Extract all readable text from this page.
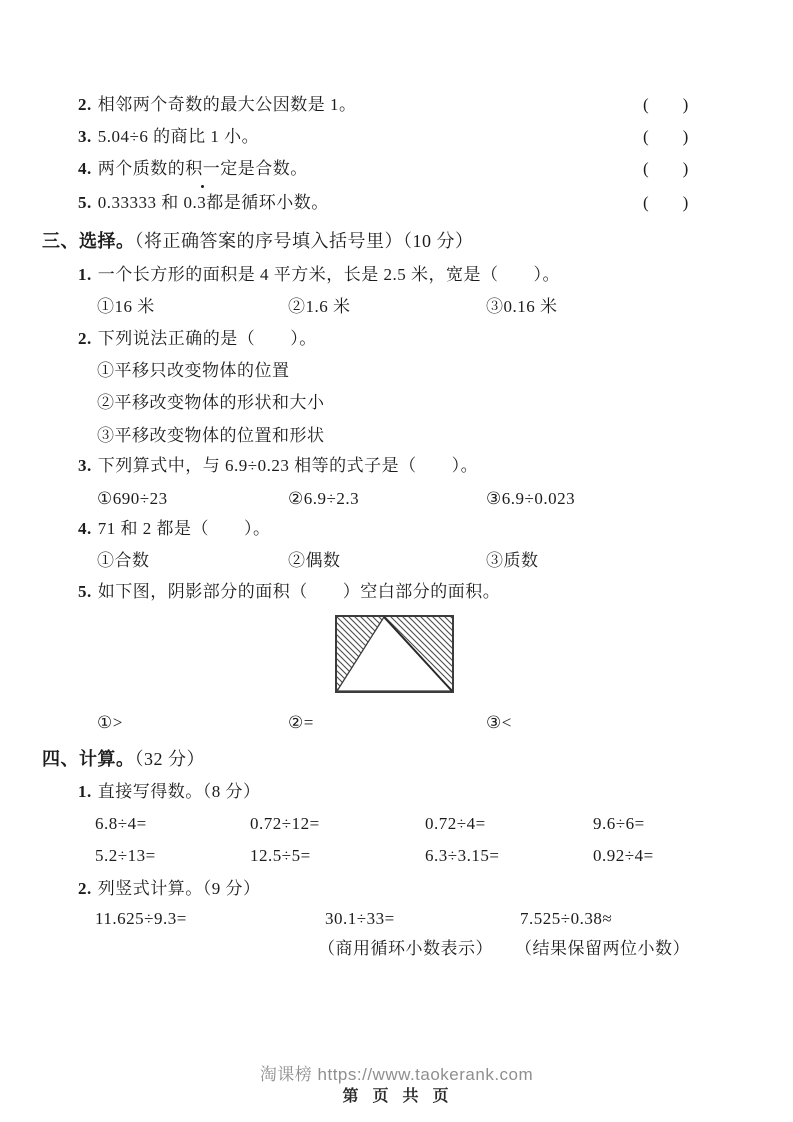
2. 相邻两个奇数的最大公因数是 1。	(        )
3. 5.04÷6 的商比 1 小。	(        )
4. 两个质数的积一定是合数。	(        )
5. 0.33333 和 0.
3都是循环小数。	(        )
三、选择。（将正确答案的序号填入括号里）（10 分）
1. 一个长方形的面积是 4 平方米，长是 2.5 米，宽是（　　）。
①16 米	②1.6 米	③0.16 米
2. 下列说法正确的是（　　）。
①平移只改变物体的位置
②平移改变物体的形状和大小
③平移改变物体的位置和形状
3. 下列算式中，与 6.9÷0.23 相等的式子是（　　）。
①690÷23	②6.9÷2.3	③6.9÷0.023
4. 71 和 2 都是（　　）。
①合数	②偶数	③质数
5. 如下图，阴影部分的面积（　　）空白部分的面积。
①>	②=	③<
四、计算。（32 分）
1. 直接写得数。（8 分）
6.8÷4=	0.72÷12=	0.72÷4=	9.6÷6=
5.2÷13=	12.5÷5=	6.3÷3.15=	0.92÷4=
2. 列竖式计算。（9 分）
11.625÷9.3=	30.1÷33=	7.525÷0.38≈
（商用循环小数表示） （结果保留两位小数）
淘课榜 https://www.taokerank.com
第  页  共  页
